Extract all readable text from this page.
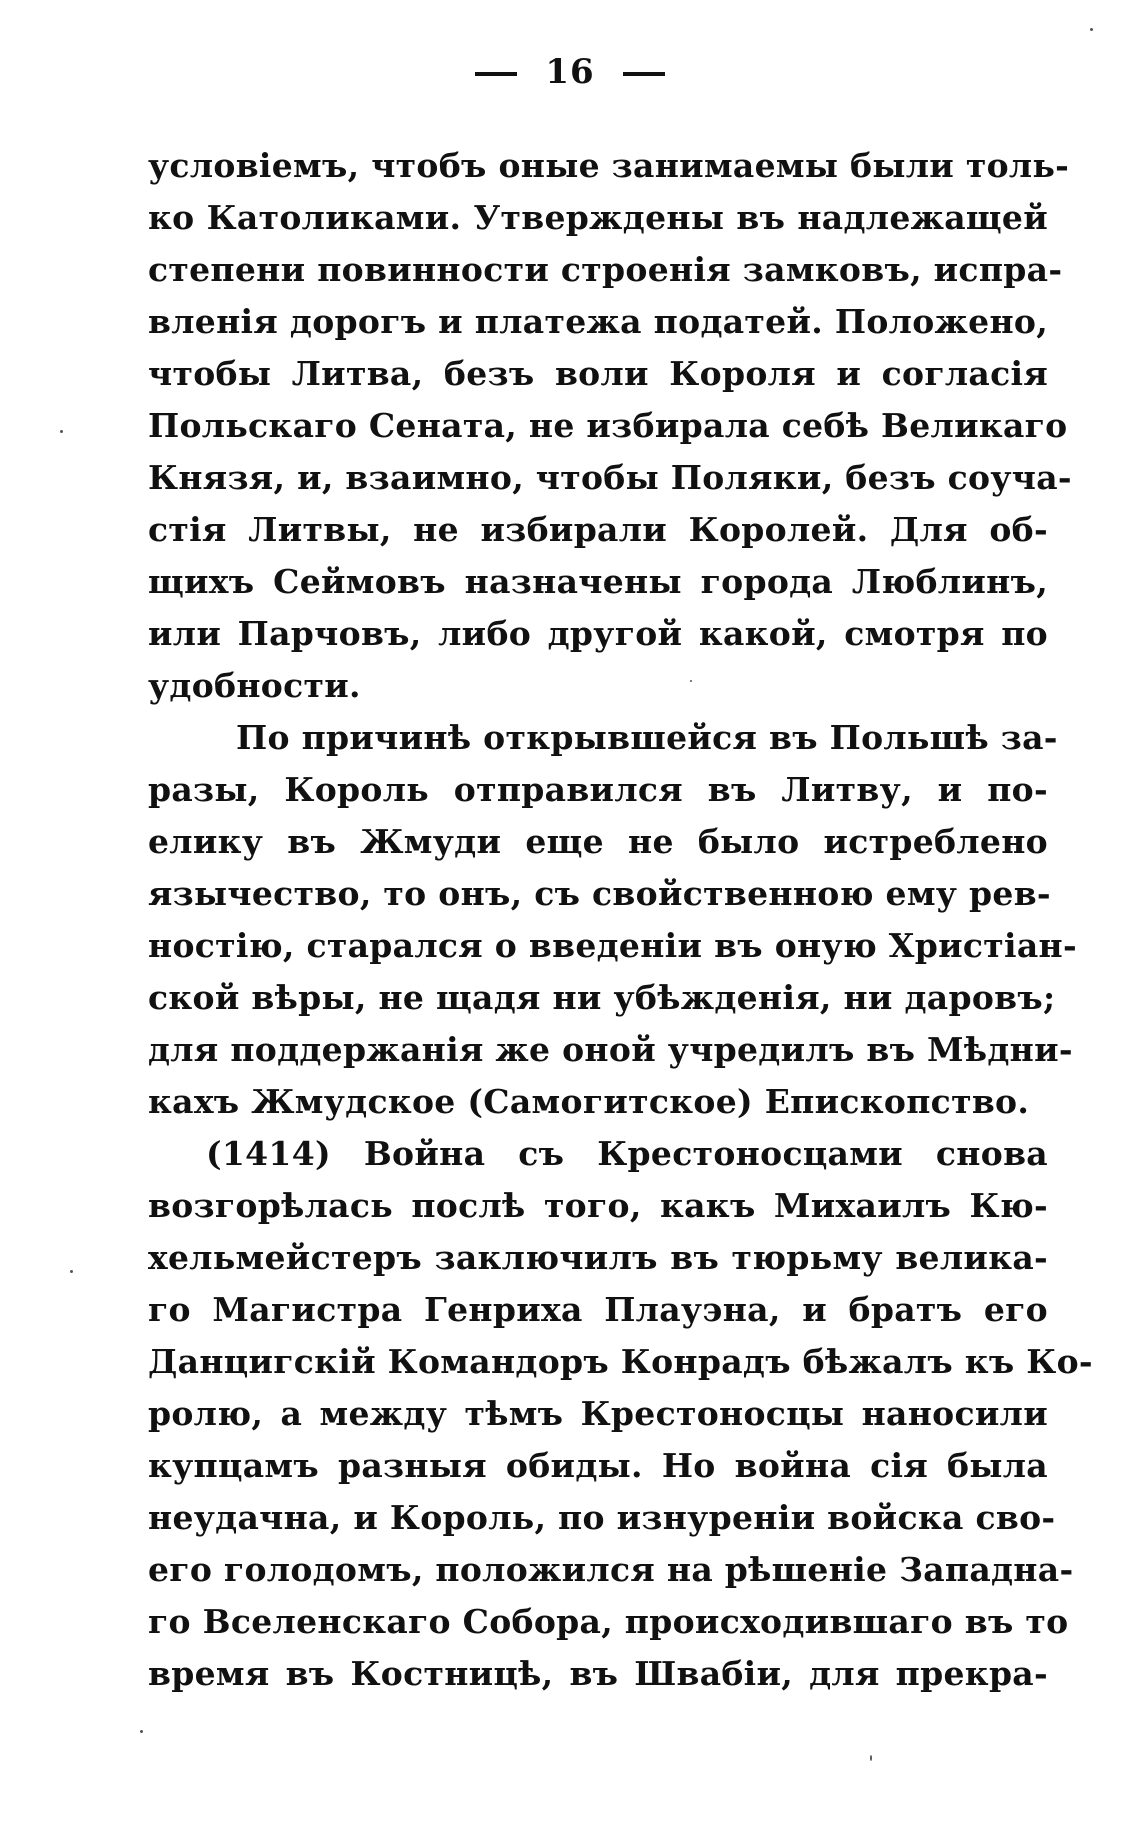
16
условіемъ, чтобъ оные занимаемы были толь-
ко Католиками. Утверждены въ надлежащей
степени повинности строенія замковъ, испра-
вленія дорогъ и платежа податей. Положено,
чтобы Литва, безъ воли Короля и согласія
Польскаго Сената, не избирала себѣ Великаго
Князя, и, взаимно, чтобы Поляки, безъ соуча-
стія Литвы, не избирали Королей. Для об-
щихъ Сеймовъ назначены города Люблинъ,
или Парчовъ, либо другой какой, смотря по
удобности.
По причинѣ открывшейся въ Польшѣ за-
разы, Король отправился въ Литву, и по-
елику въ Жмуди еще не было истреблено
язычество, то онъ, съ свойственною ему рев-
ностію, старался о введеніи въ оную Христіан-
ской вѣры, не щадя ни убѣжденія, ни даровъ;
для поддержанія же оной учредилъ въ Мѣдни-
кахъ Жмудское (Самогитское) Епископство.
(1414) Война съ Крестоносцами снова
возгорѣлась послѣ того, какъ Михаилъ Кю-
хельмейстеръ заключилъ въ тюрьму велика-
го Магистра Генриха Плауэна, и братъ его
Данцигскій Командоръ Конрадъ бѣжалъ къ Ко-
ролю, а между тѣмъ Крестоносцы наносили
купцамъ разныя обиды. Но война сія была
неудачна, и Король, по изнуреніи войска сво-
его голодомъ, положился на рѣшеніе Западна-
го Вселенскаго Собора, происходившаго въ то
время въ Костницѣ, въ Швабіи, для прекра-
